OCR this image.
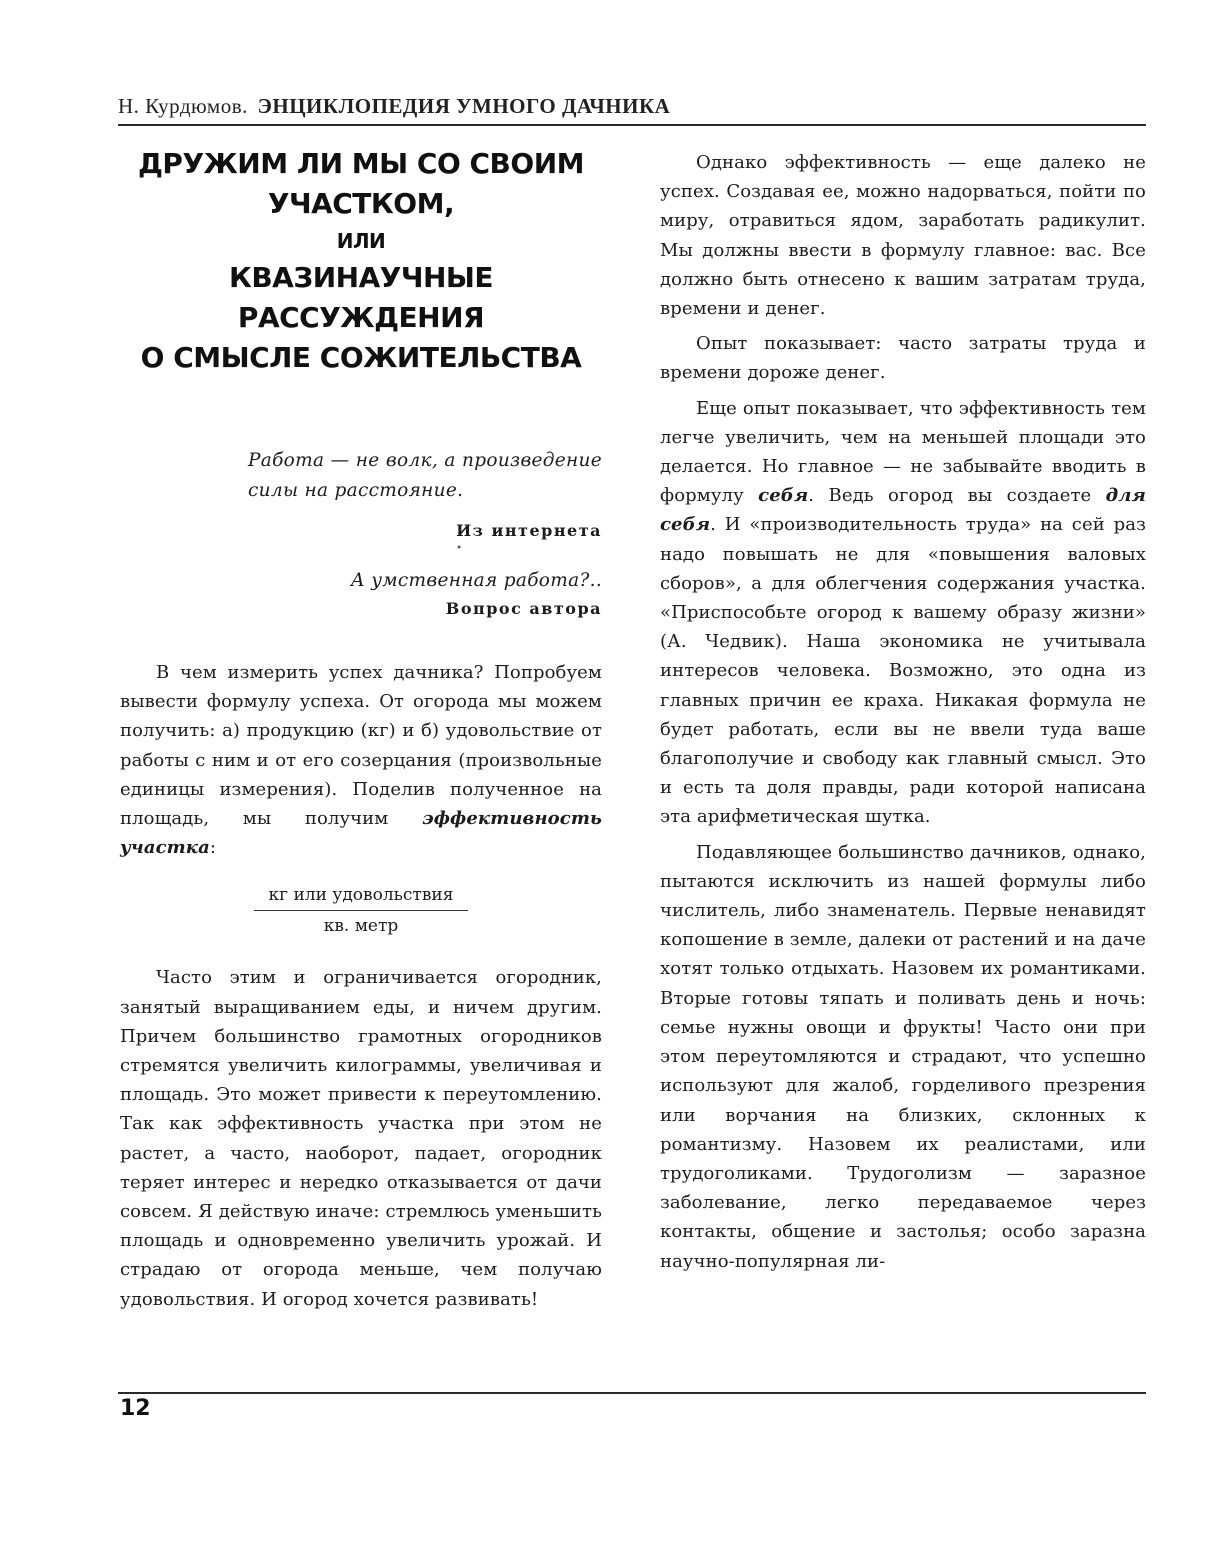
Н. Курдюмов. ЭНЦИКЛОПЕДИЯ УМНОГО ДАЧНИКА
ДРУЖИМ ЛИ МЫ СО СВОИМ
УЧАСТКОМ,
ИЛИ
КВАЗИНАУЧНЫЕ РАССУЖДЕНИЯ
О СМЫСЛЕ СОЖИТЕЛЬСТВА
Работа — не волк, а произведение силы на расстояние.
Из интернета
•
А умственная работа?..
Вопрос автора

В чем измерить успех дачника? Попробуем вывести формулу успеха. От огорода мы можем получить: а) продукцию (кг) и б) удовольствие от работы с ним и от его созерцания (произвольные единицы измерения). Поделив полученное на площадь, мы получим эффективность участка:

кг или удовольствия
кв. метр

Часто этим и ограничивается огородник, занятый выращиванием еды, и ничем другим. Причем большинство грамотных огородников стремятся увеличить килограммы, увеличивая и площадь. Это может привести к переутомлению. Так как эффективность участка при этом не растет, а часто, наоборот, падает, огородник теряет интерес и нередко отказывается от дачи совсем. Я действую иначе: стремлюсь уменьшить площадь и одновременно увеличить урожай. И страдаю от огорода меньше, чем получаю удовольствия. И огород хочется развивать!

Однако эффективность — еще далеко не успех. Создавая ее, можно надорваться, пойти по миру, отравиться ядом, заработать радикулит. Мы должны ввести в формулу главное: вас. Все должно быть отнесено к вашим затратам труда, времени и денег.

Опыт показывает: часто затраты труда и времени дороже денег.

Еще опыт показывает, что эффективность тем легче увеличить, чем на меньшей площади это делается. Но главное — не забывайте вводить в формулу себя. Ведь огород вы создаете для себя. И «производительность труда» на сей раз надо повышать не для «повышения валовых сборов», а для облегчения содержания участка. «Приспособьте огород к вашему образу жизни» (А. Чедвик). Наша экономика не учитывала интересов человека. Возможно, это одна из главных причин ее краха. Никакая формула не будет работать, если вы не ввели туда ваше благополучие и свободу как главный смысл. Это и есть та доля правды, ради которой написана эта арифметическая шутка.

Подавляющее большинство дачников, однако, пытаются исключить из нашей формулы либо числитель, либо знаменатель. Первые ненавидят копошение в земле, далеки от растений и на даче хотят только отдыхать. Назовем их романтиками. Вторые готовы тяпать и поливать день и ночь: семье нужны овощи и фрукты! Часто они при этом переутомляются и страдают, что успешно используют для жалоб, горделивого презрения или ворчания на близких, склонных к романтизму. Назовем их реалистами, или трудоголиками. Трудоголизм — заразное заболевание, легко передаваемое через контакты, общение и застолья; особо заразна научно-популярная ли-

12
